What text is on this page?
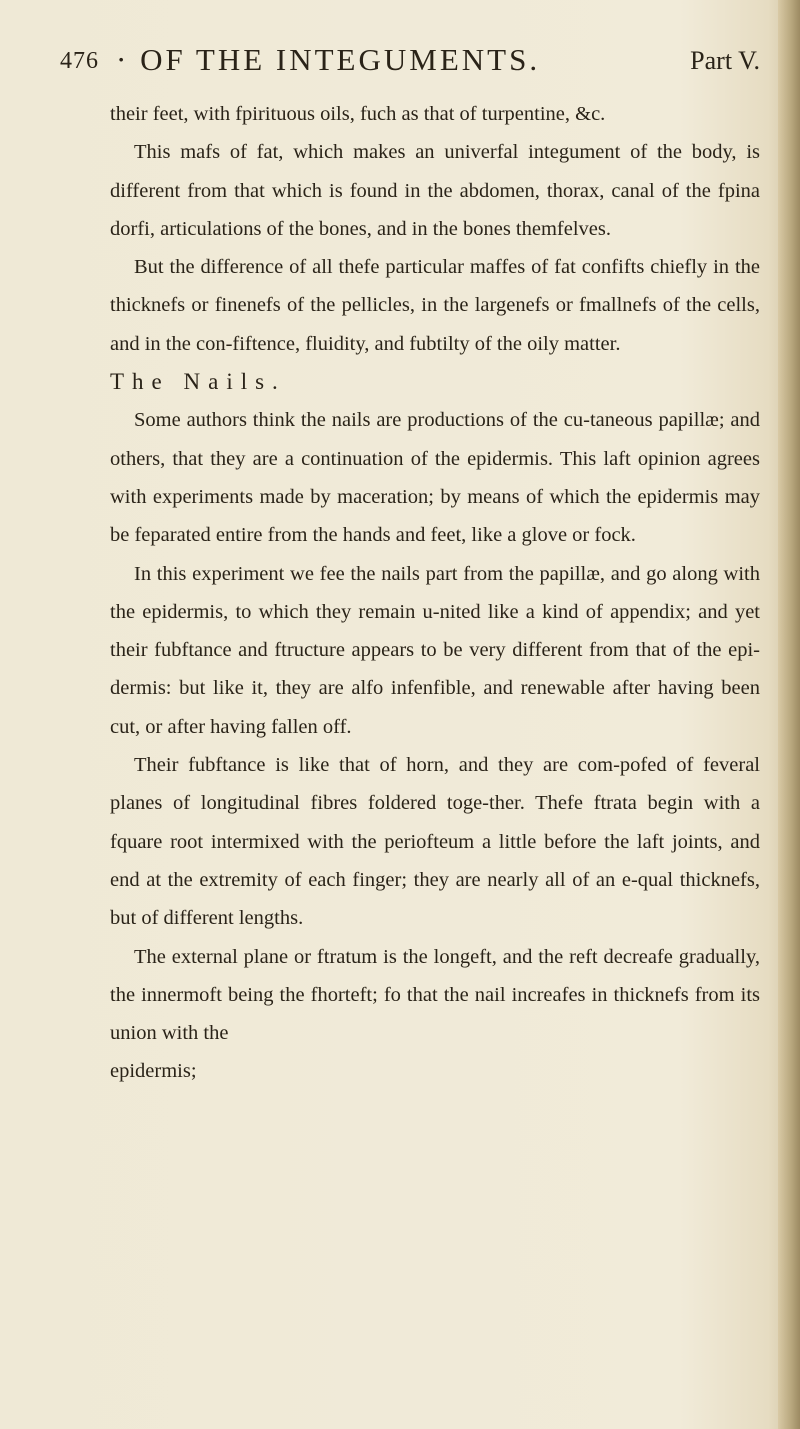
476 · OF THE INTEGUMENTS.	Part V.

their feet, with fpirituous oils, fuch as that of turpentine, &c.

This mafs of fat, which makes an univerfal integument of the body, is different from that which is found in the abdomen, thorax, canal of the fpina dorfi, articulations of the bones, and in the bones themfelves.

But the difference of all thefe particular maffes of fat confifts chiefly in the thicknefs or finenefs of the pellicles, in the largenefs or fmallnefs of the cells, and in the con-fiftence, fluidity, and fubtilty of the oily matter.

The Nails.

Some authors think the nails are productions of the cu-taneous papillæ; and others, that they are a continuation of the epidermis. This laft opinion agrees with experiments made by maceration; by means of which the epidermis may be feparated entire from the hands and feet, like a glove or fock.

In this experiment we fee the nails part from the papillæ, and go along with the epidermis, to which they remain u-nited like a kind of appendix; and yet their fubftance and ftructure appears to be very different from that of the epi-dermis: but like it, they are alfo infenfible, and renewable after having been cut, or after having fallen off.

Their fubftance is like that of horn, and they are com-pofed of feveral planes of longitudinal fibres foldered toge-ther. Thefe ftrata begin with a fquare root intermixed with the periofteum a little before the laft joints, and end at the extremity of each finger; they are nearly all of an e-qual thicknefs, but of different lengths.

The external plane or ftratum is the longeft, and the reft decreafe gradually, the innermoft being the fhorteft; fo that the nail increafes in thicknefs from its union with the

epidermis;
